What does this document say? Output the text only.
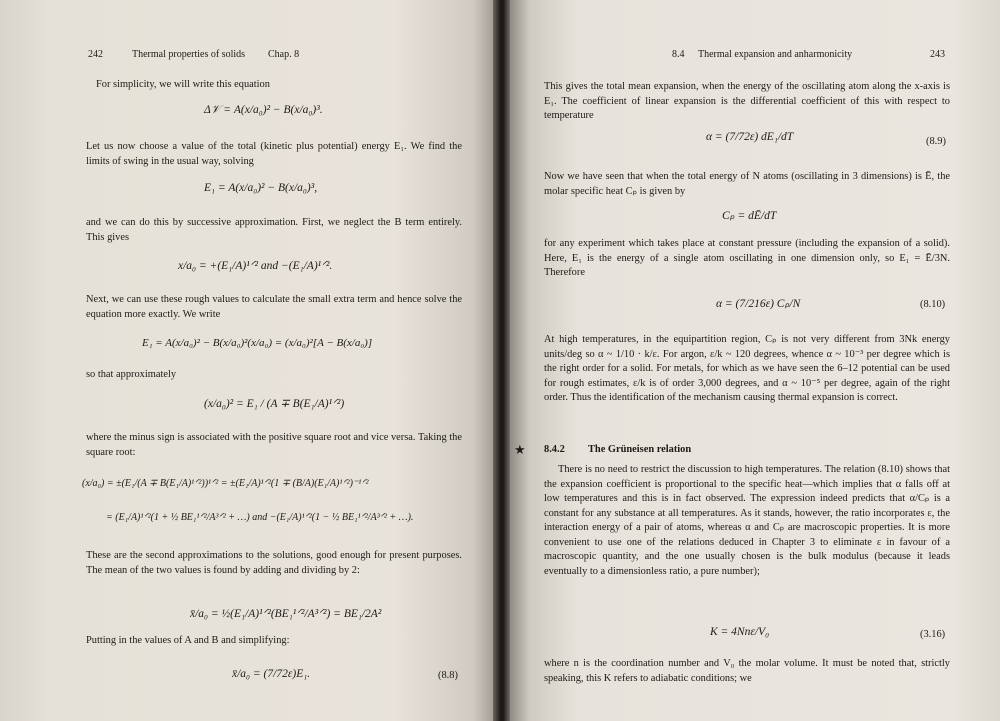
242	Thermal properties of solids Chap. 8

For simplicity, we will write this equation

Δ𝒱 = A(x/a₀)² − B(x/a₀)³.

Let us now choose a value of the total (kinetic plus potential) energy E₁. We find the limits of swing in the usual way, solving

E₁ = A(x/a₀)² − B(x/a₀)³,

and we can do this by successive approximation. First, we neglect the B term entirely. This gives

x/a₀ = +(E₁/A)¹ᐟ² and −(E₁/A)¹ᐟ².

Next, we can use these rough values to calculate the small extra term and hence solve the equation more exactly. We write

E₁ = A(x/a₀)² − B(x/a₀)²(x/a₀) = (x/a₀)²[A − B(x/a₀)]

so that approximately

(x/a₀)² = E₁ / (A ∓ B(E₁/A)¹ᐟ²)

where the minus sign is associated with the positive square root and vice versa. Taking the square root:

(x/a₀) = ±(E₁/(A ∓ B(E₁/A)¹ᐟ²))¹ᐟ² = ±(E₁/A)¹ᐟ²(1 ∓ (B/A)(E₁/A)¹ᐟ²)⁻¹ᐟ²
= (E₁/A)¹ᐟ²(1 + ½ BE₁¹ᐟ²/A³ᐟ² + …) and −(E₁/A)¹ᐟ²(1 − ½ BE₁¹ᐟ²/A³ᐟ² + …).

These are the second approximations to the solutions, good enough for present purposes. The mean of the two values is found by adding and dividing by 2:

x̄/a₀ = ½(E₁/A)¹ᐟ²(BE₁¹ᐟ²/A³ᐟ²) = BE₁/2A²

Putting in the values of A and B and simplifying:

x̄/a₀ = (7/72ε)E₁.	(8.8)
8.4 Thermal expansion and anharmonicity	243

This gives the total mean expansion, when the energy of the oscillating atom along the x-axis is E₁. The coefficient of linear expansion is the differential coefficient of this with respect to temperature

α = (7/72ε) dE₁/dT	(8.9)

Now we have seen that when the total energy of N atoms (oscillating in 3 dimensions) is Ē, the molar specific heat Cₚ is given by

Cₚ = dĒ/dT

for any experiment which takes place at constant pressure (including the expansion of a solid). Here, E₁ is the energy of a single atom oscillating in one dimension only, so E₁ = Ē/3N. Therefore

α = (7/216ε) Cₚ/N	(8.10)

At high temperatures, in the equipartition region, Cₚ is not very different from 3Nk energy units/deg so α ~ 1/10 · k/ε. For argon, ε/k ~ 120 degrees, whence α ~ 10⁻³ per degree which is the right order for a solid. For metals, for which as we have seen the 6–12 potential can be used for rough estimates, ε/k is of order 3,000 degrees, and α ~ 10⁻⁵ per degree, again of the right order. Thus the identification of the mechanism causing thermal expansion is correct.

★ 8.4.2 The Grüneisen relation

There is no need to restrict the discussion to high temperatures. The relation (8.10) shows that the expansion coefficient is proportional to the specific heat—which implies that α falls off at low temperatures and this is in fact observed. The expression indeed predicts that α/Cₚ is a constant for any substance at all temperatures. As it stands, however, the ratio incorporates ε, the interaction energy of a pair of atoms, whereas α and Cₚ are macroscopic properties. It is more convenient to use one of the relations deduced in Chapter 3 to eliminate ε in favour of a macroscopic quantity, and the one usually chosen is the bulk modulus (because it leads eventually to a dimensionless ratio, a pure number);

K = 4Nnε/V₀	(3.16)

where n is the coordination number and V₀ the molar volume. It must be noted that, strictly speaking, this K refers to adiabatic conditions; we
